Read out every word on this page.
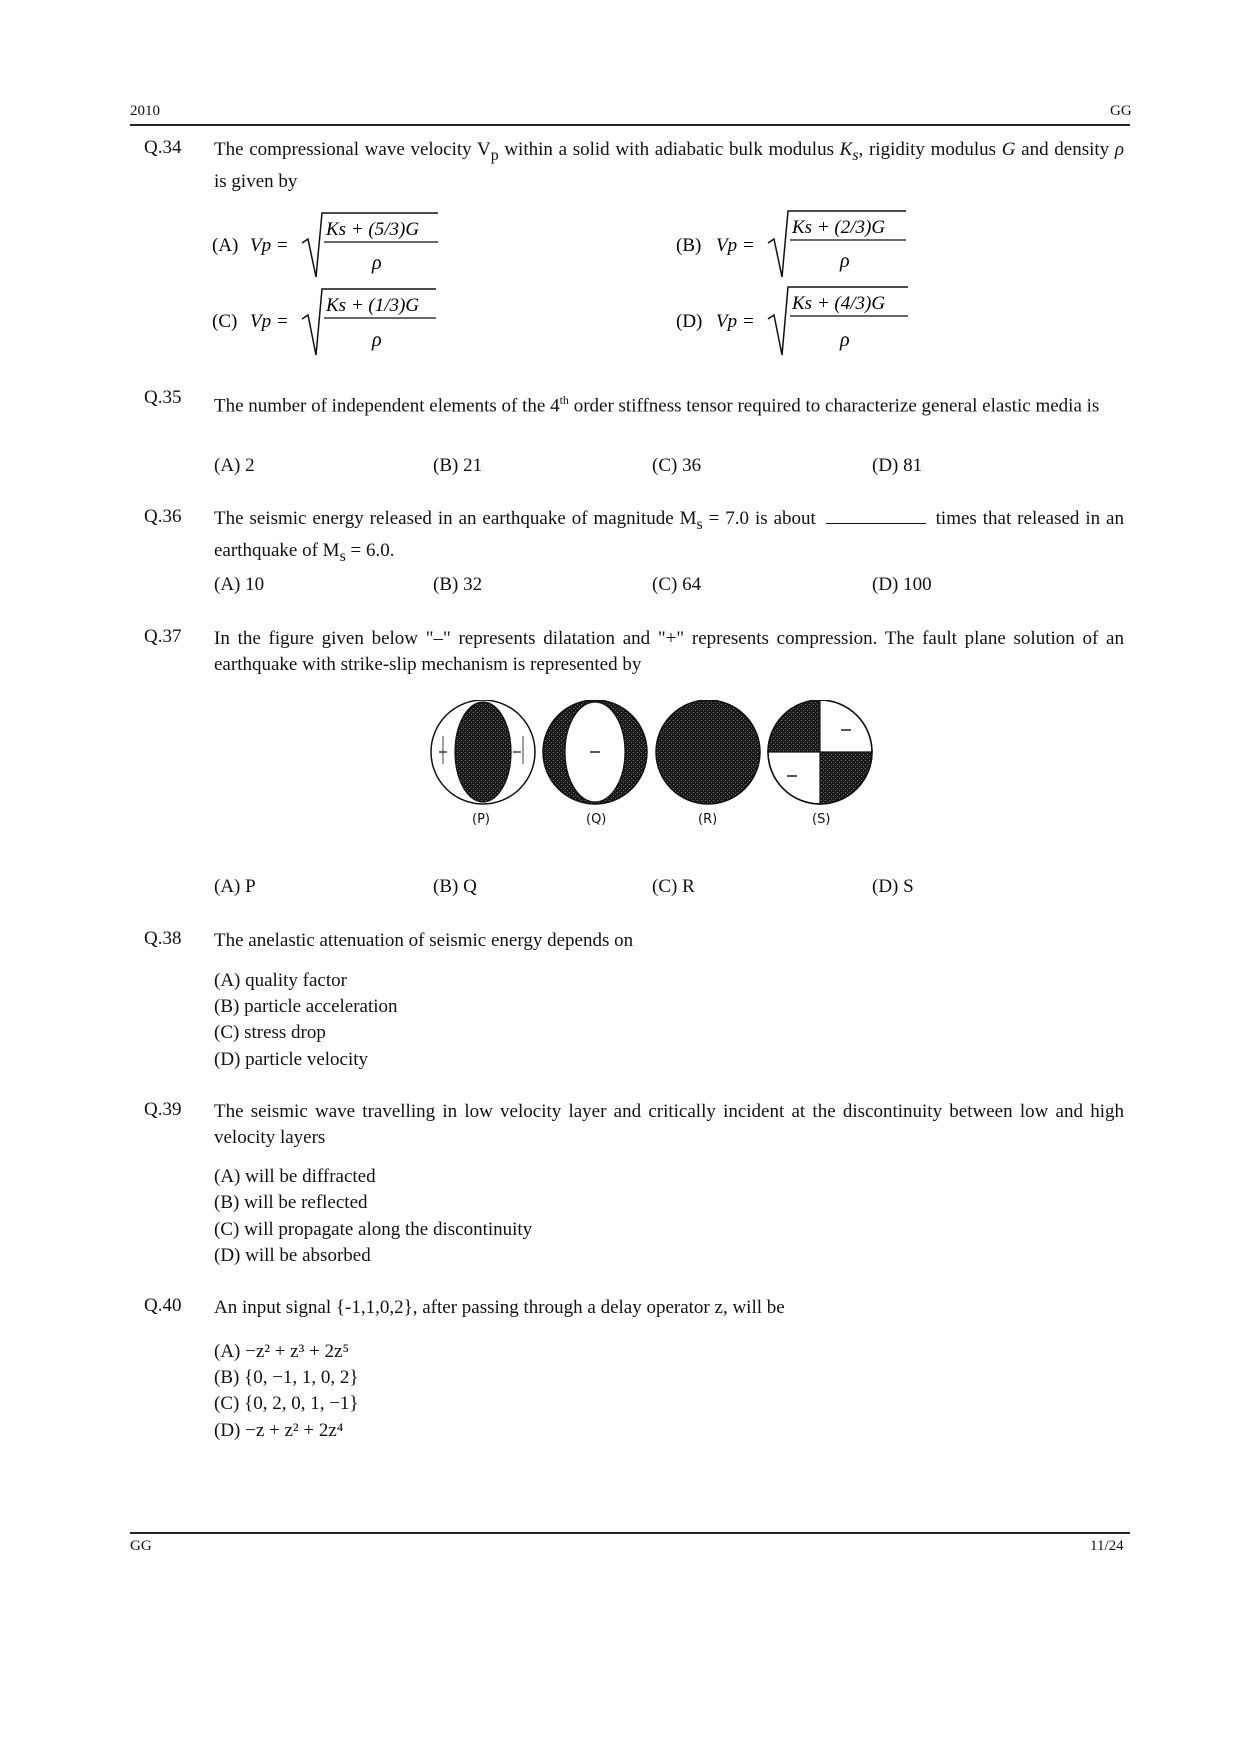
2010	GG
Q.34 The compressional wave velocity $V_p$ within a solid with adiabatic bulk modulus $K_s$, rigidity modulus G and density ρ is given by
(A) Vp =
Ks + (5/3)G
ρ
(B) Vp =
Ks + (2/3)G
ρ
(C) Vp =
Ks + (1/3)G
ρ
(D) Vp =
Ks + (4/3)G
ρ
Q.35 The number of independent elements of the 4th order stiffness tensor required to characterize general elastic media is
(A) 2	(B) 21	(C) 36	(D) 81
Q.36 The seismic energy released in an earthquake of magnitude $M_s = 7.0$ is about	times that released in an earthquake of $M_s = 6.0$.
(A) 10	(B) 32	(C) 64	(D) 100
Q.37 In the figure given below "–" represents dilatation and "+" represents compression. The fault plane solution of an earthquake with strike-slip mechanism is represented by
(P)	(Q)	(R)	(S)
(A) P	(B) Q	(C) R	(D) S
Q.38 The anelastic attenuation of seismic energy depends on
(A) quality factor
(B) particle acceleration
(C) stress drop
(D) particle velocity
Q.39 The seismic wave travelling in low velocity layer and critically incident at the discontinuity between low and high velocity layers
(A) will be diffracted
(B) will be reflected
(C) will propagate along the discontinuity
(D) will be absorbed
Q.40 An input signal {-1,1,0,2}, after passing through a delay operator z, will be
(A) −z² + z³ + 2z⁵
(B) {0, −1, 1, 0, 2}
(C) {0, 2, 0, 1, −1}
(D) −z + z² + 2z⁴
GG	11/24
